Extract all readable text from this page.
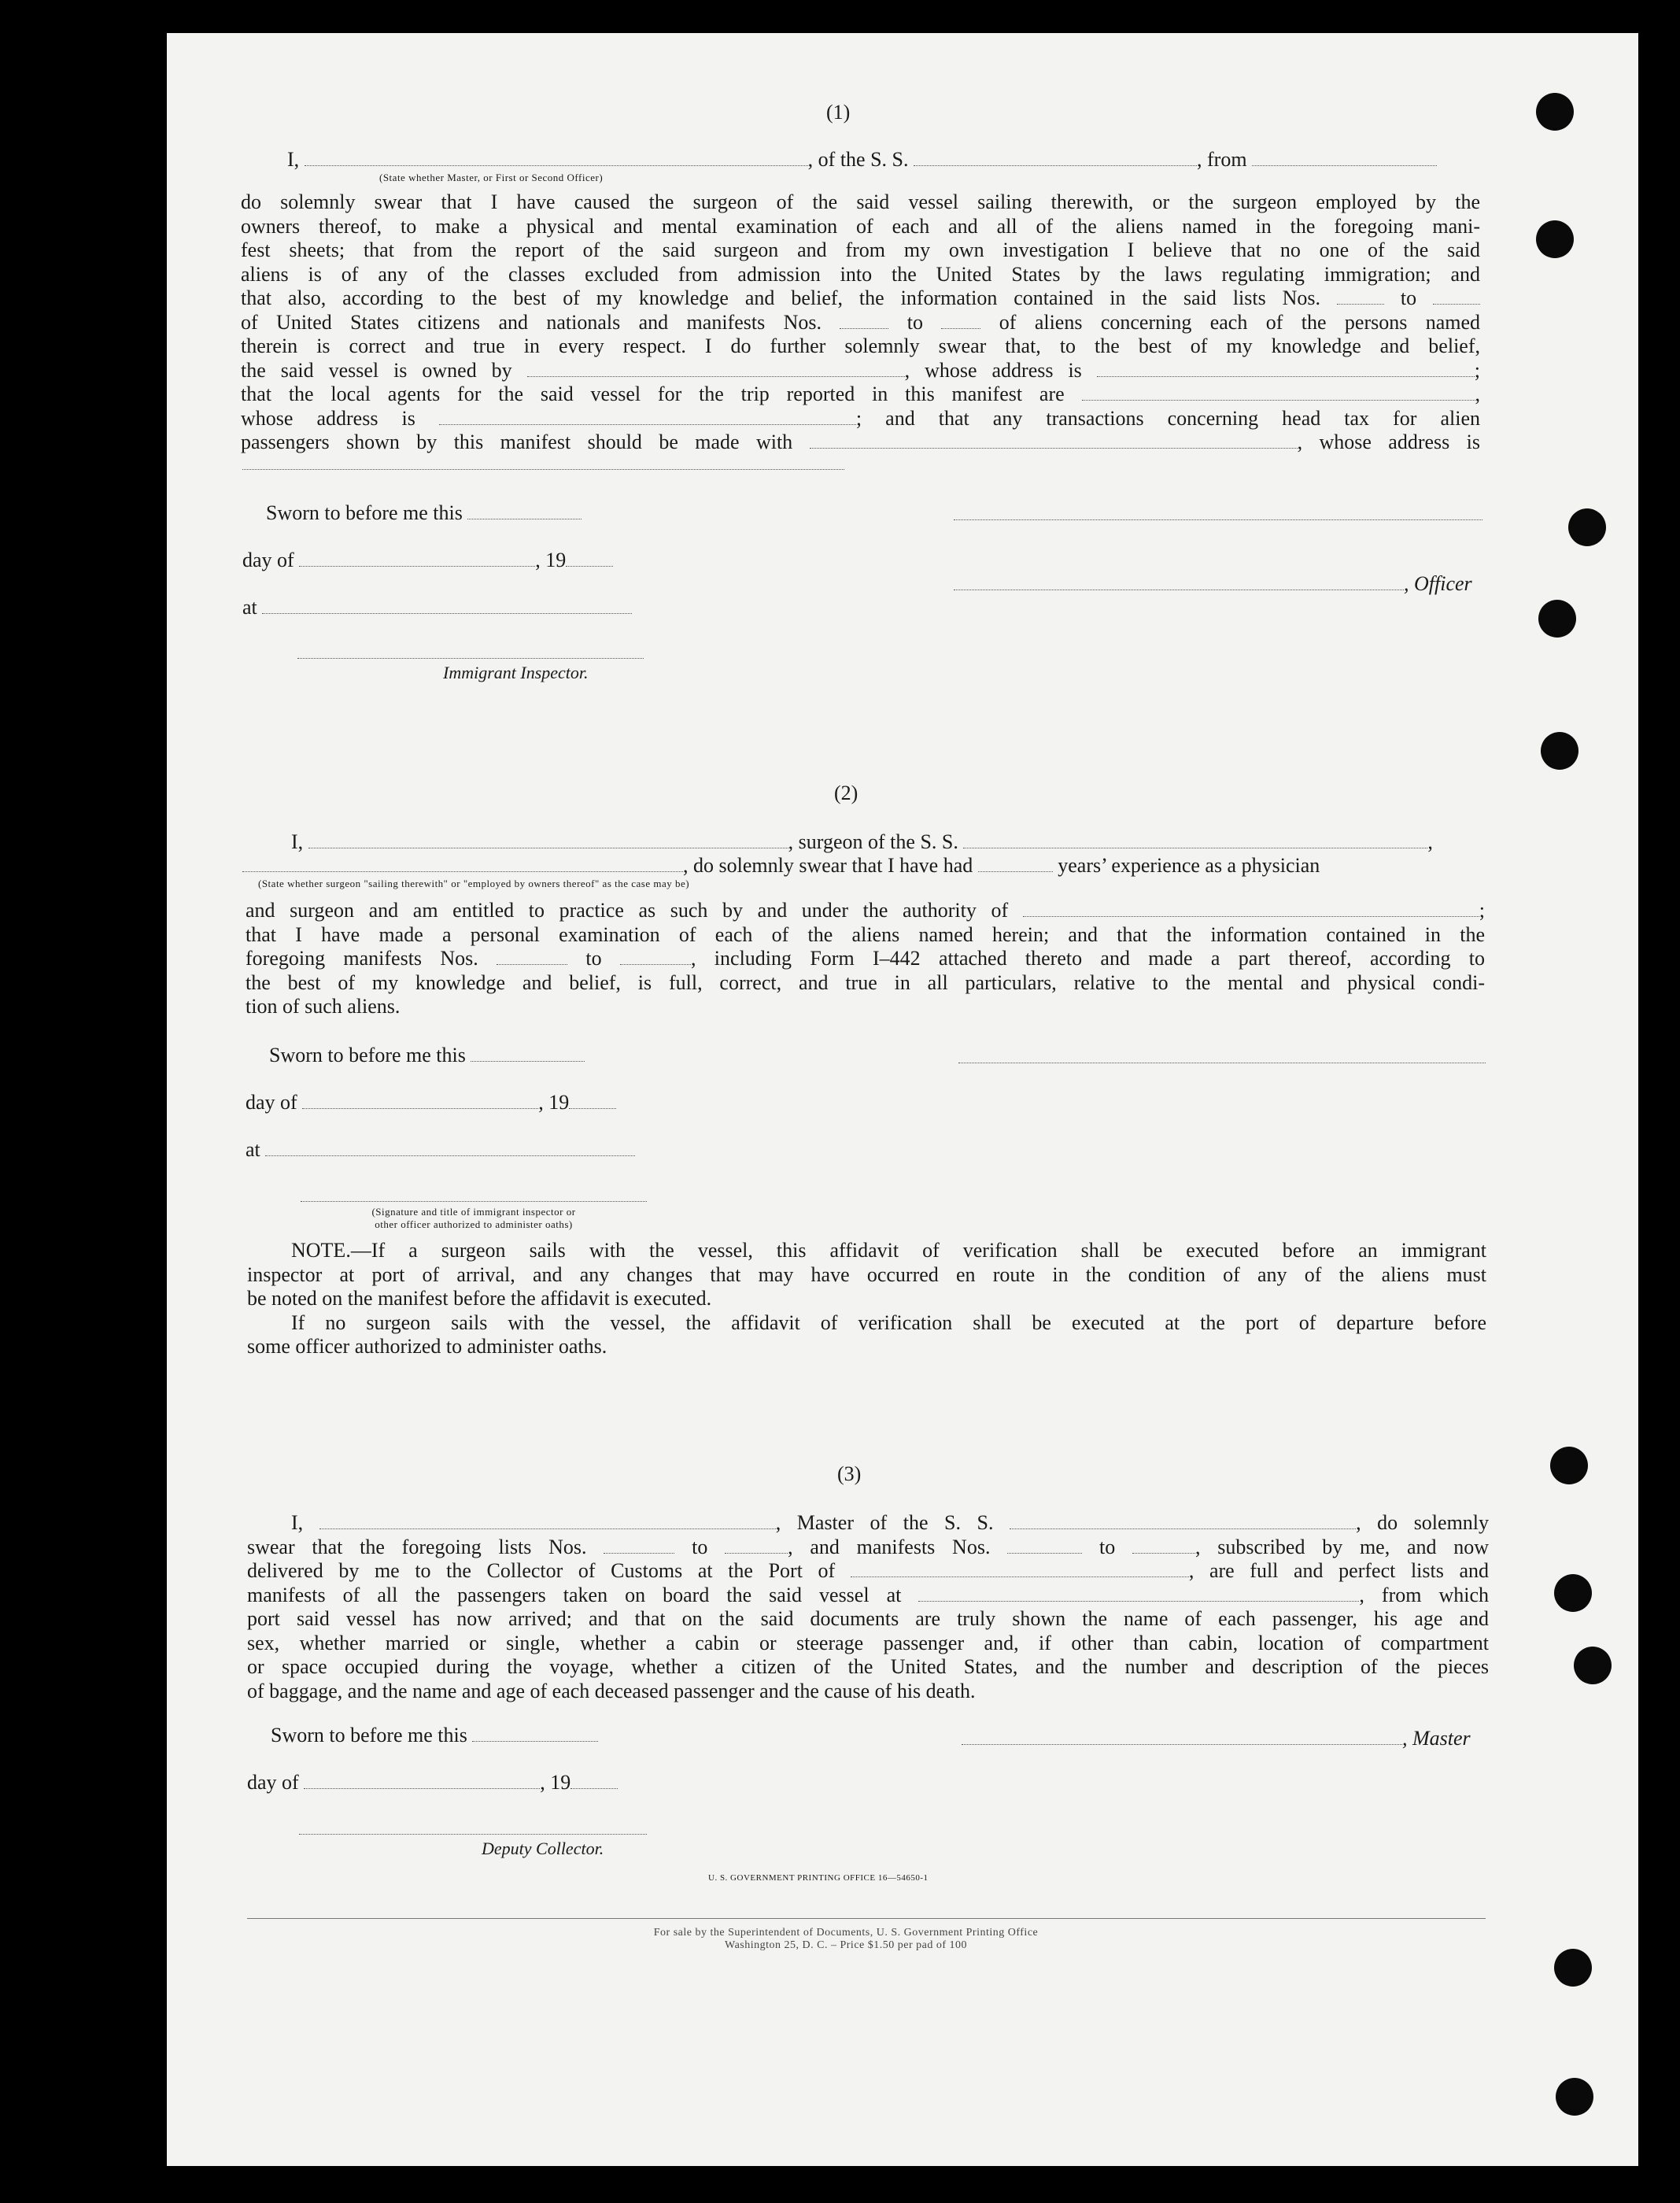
(1)
I,	, of the S. S.	, from
(State whether Master, or First or Second Officer)
do solemnly swear that I have caused the surgeon of the said vessel sailing therewith, or the surgeon employed by the
owners thereof, to make a physical and mental examination of each and all of the aliens named in the foregoing mani-
fest sheets; that from the report of the said surgeon and from my own investigation I believe that no one of the said
aliens is of any of the classes excluded from admission into the United States by the laws regulating immigration; and
that also, according to the best of my knowledge and belief, the information contained in the said lists Nos.	to
of United States citizens and nationals and manifests Nos.	to	of aliens concerning each of the persons named
therein is correct and true in every respect. I do further solemnly swear that, to the best of my knowledge and belief,
the said vessel is owned by	, whose address is	;
that the local agents for the said vessel for the trip reported in this manifest are	,
whose address is	; and that any transactions concerning head tax for alien
passengers shown by this manifest should be made with	, whose address is
Sworn to before me this
day of	, 19
, Officer
at
Immigrant Inspector.
(2)
I,	, surgeon of the S. S.	,
, do solemnly swear that I have had	years’ experience as a physician
(State whether surgeon "sailing therewith" or "employed by owners thereof" as the case may be)
and surgeon and am entitled to practice as such by and under the authority of	;
that I have made a personal examination of each of the aliens named herein; and that the information contained in the
foregoing manifests Nos.	to	, including Form I–442 attached thereto and made a part thereof, according to
the best of my knowledge and belief, is full, correct, and true in all particulars, relative to the mental and physical condi-
tion of such aliens.
Sworn to before me this
day of	, 19
at
(Signature and title of immigrant inspector or
other officer authorized to administer oaths)
NOTE.—If a surgeon sails with the vessel, this affidavit of verification shall be executed before an immigrant
inspector at port of arrival, and any changes that may have occurred en route in the condition of any of the aliens must
be noted on the manifest before the affidavit is executed.
If no surgeon sails with the vessel, the affidavit of verification shall be executed at the port of departure before
some officer authorized to administer oaths.
(3)
I,	, Master of the S. S.	, do solemnly
swear that the foregoing lists Nos.	to	, and manifests Nos.	to	, subscribed by me, and now
delivered by me to the Collector of Customs at the Port of	, are full and perfect lists and
manifests of all the passengers taken on board the said vessel at	, from which
port said vessel has now arrived; and that on the said documents are truly shown the name of each passenger, his age and
sex, whether married or single, whether a cabin or steerage passenger and, if other than cabin, location of compartment
or space occupied during the voyage, whether a citizen of the United States, and the number and description of the pieces
of baggage, and the name and age of each deceased passenger and the cause of his death.
Sworn to before me this	, Master
day of	, 19
Deputy Collector.
U. S. GOVERNMENT PRINTING OFFICE 16—54650-1
For sale by the Superintendent of Documents, U. S. Government Printing Office
Washington 25, D. C. – Price $1.50 per pad of 100
